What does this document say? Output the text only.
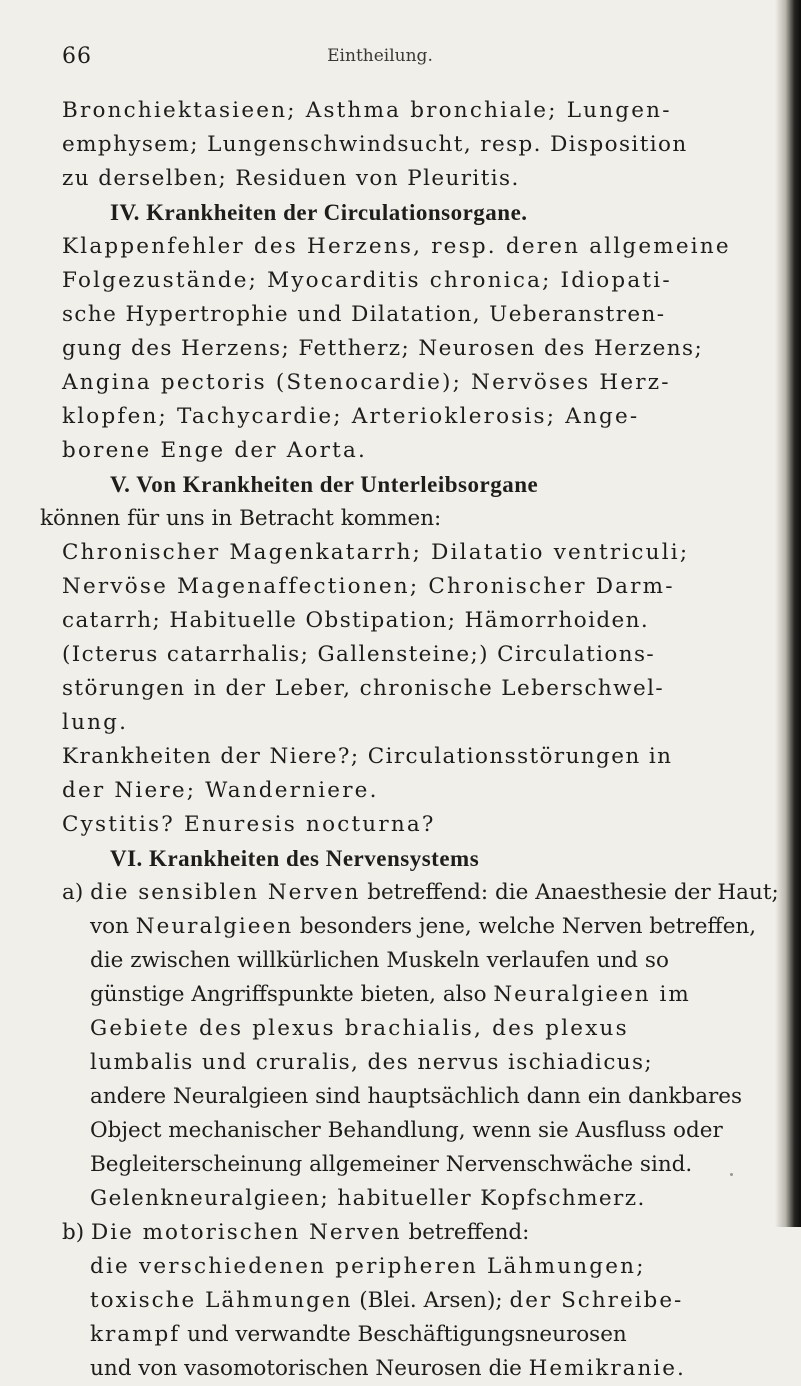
66	Eintheilung.
Bronchiektasieen; Asthma bronchiale; Lungen-
emphysem; Lungenschwindsucht, resp. Disposition
zu derselben; Residuen von Pleuritis.
IV. Krankheiten der Circulationsorgane.
Klappenfehler des Herzens, resp. deren allgemeine
Folgezustände; Myocarditis chronica; Idiopati-
sche Hypertrophie und Dilatation, Ueberanstren-
gung des Herzens; Fettherz; Neurosen des Herzens;
Angina pectoris (Stenocardie); Nervöses Herz-
klopfen; Tachycardie; Arterioklerosis; Ange-
borene Enge der Aorta.
V. Von Krankheiten der Unterleibsorgane
können für uns in Betracht kommen:
Chronischer Magenkatarrh; Dilatatio ventriculi;
Nervöse Magenaffectionen; Chronischer Darm-
catarrh; Habituelle Obstipation; Hämorrhoiden.
(Icterus catarrhalis; Gallensteine;) Circulations-
störungen in der Leber, chronische Leberschwel-
lung.
Krankheiten der Niere?; Circulationsstörungen in
der Niere; Wanderniere.
Cystitis? Enuresis nocturna?
VI. Krankheiten des Nervensystems
a) die sensiblen Nerven betreffend: die Anaesthesie der Haut;
von Neuralgieen besonders jene, welche Nerven betreffen,
die zwischen willkürlichen Muskeln verlaufen und so
günstige Angriffspunkte bieten, also Neuralgieen im
Gebiete des plexus brachialis, des plexus
lumbalis und cruralis, des nervus ischiadicus;
andere Neuralgieen sind hauptsächlich dann ein dankbares
Object mechanischer Behandlung, wenn sie Ausfluss oder
Begleiterscheinung allgemeiner Nervenschwäche sind.
Gelenkneuralgieen; habitueller Kopfschmerz.
b) Die motorischen Nerven betreffend:
die verschiedenen peripheren Lähmungen;
toxische Lähmungen (Blei. Arsen); der Schreibe-
krampf und verwandte Beschäftigungsneurosen
und von vasomotorischen Neurosen die Hemikranie.
